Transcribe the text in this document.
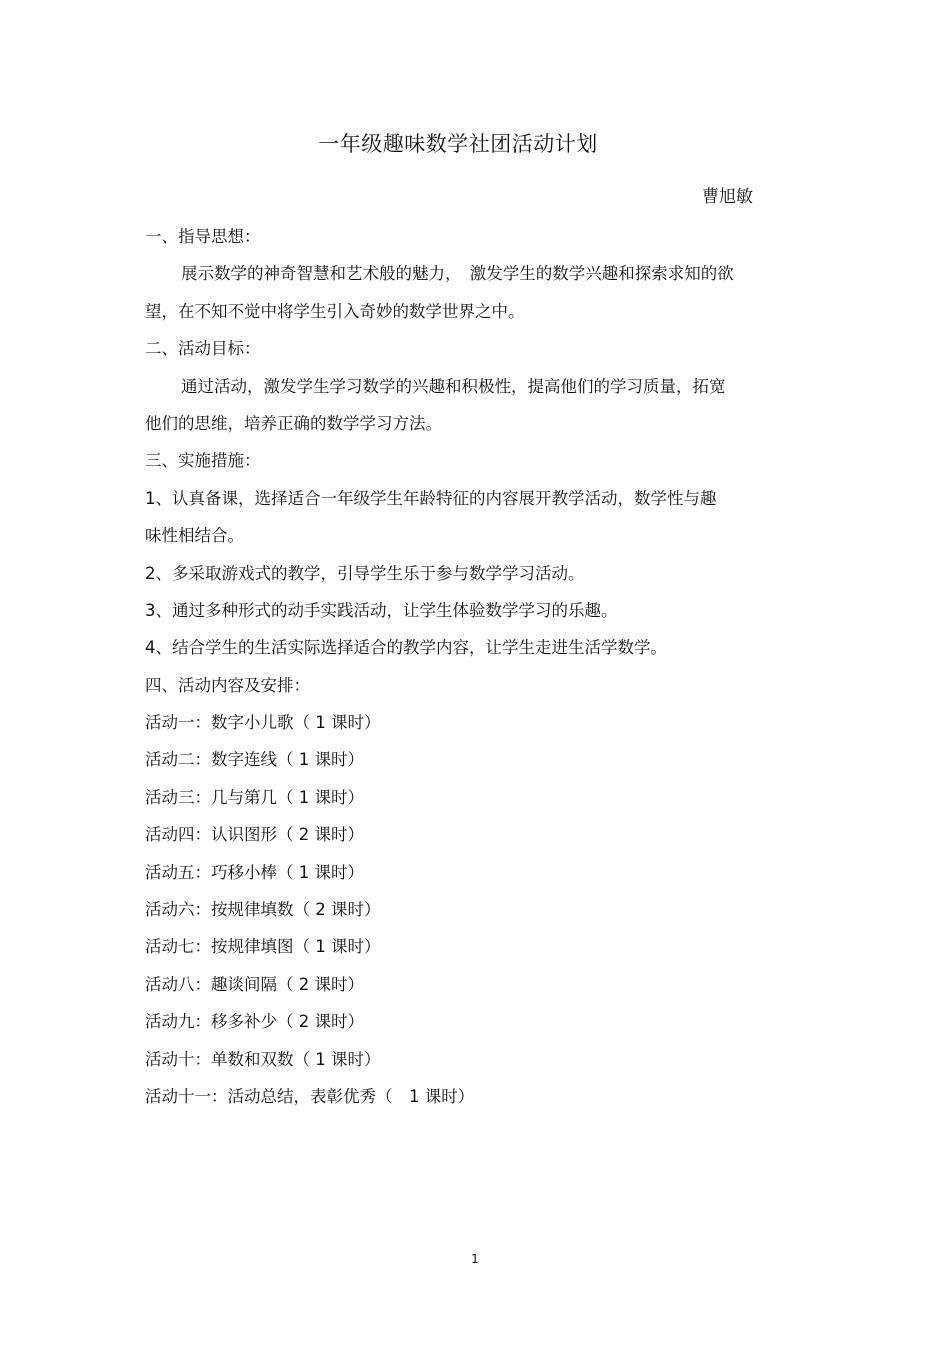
一年级趣味数学社团活动计划
曹旭敏
一、指导思想：
展示数学的神奇智慧和艺术般的魅力，　激发学生的数学兴趣和探索求知的欲
望，在不知不觉中将学生引入奇妙的数学世界之中。
二、活动目标：
通过活动，激发学生学习数学的兴趣和积极性，提高他们的学习质量，拓宽
他们的思维，培养正确的数学学习方法。
三、实施措施：
1、认真备课，选择适合一年级学生年龄特征的内容展开教学活动，数学性与趣
味性相结合。
2、多采取游戏式的教学，引导学生乐于参与数学学习活动。
3、通过多种形式的动手实践活动，让学生体验数学学习的乐趣。
4、结合学生的生活实际选择适合的教学内容，让学生走进生活学数学。
四、活动内容及安排：
活动一：数字小儿歌（ 1 课时）
活动二：数字连线（ 1 课时）
活动三：几与第几（ 1 课时）
活动四：认识图形（ 2 课时）
活动五：巧移小棒（ 1 课时）
活动六：按规律填数（ 2 课时）
活动七：按规律填图（ 1 课时）
活动八：趣谈间隔（ 2 课时）
活动九：移多补少（ 2 课时）
活动十：单数和双数（ 1 课时）
活动十一：活动总结，表彰优秀（　1 课时）
1
